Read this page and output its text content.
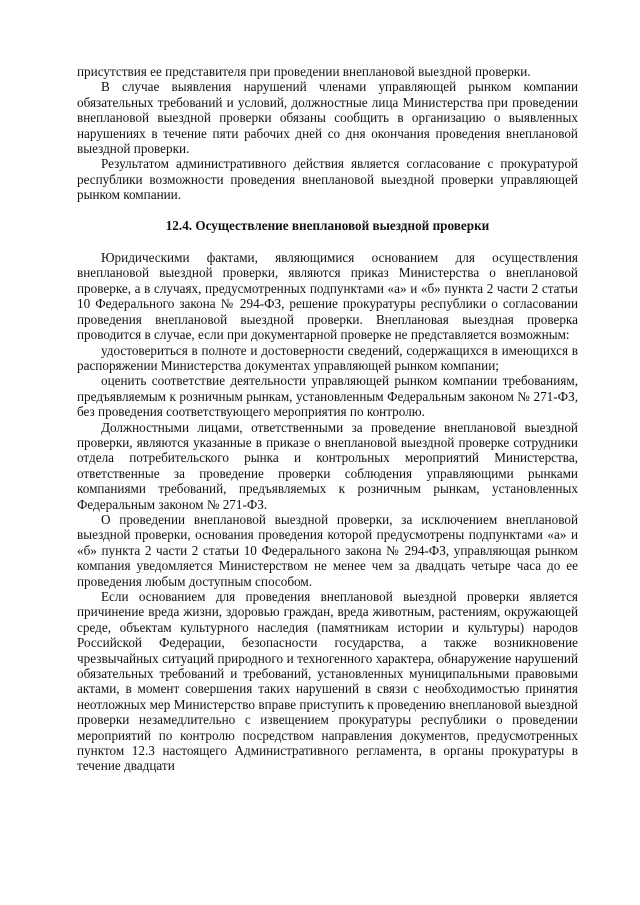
присутствия ее представителя при проведении внеплановой выездной проверки.

В случае выявления нарушений членами управляющей рынком компании обязательных требований и условий, должностные лица Министерства при проведении внеплановой выездной проверки обязаны сообщить в организацию о выявленных нарушениях в течение пяти рабочих дней со дня окончания проведения внеплановой выездной проверки.

Результатом административного действия является согласование с прокуратурой республики возможности проведения внеплановой выездной проверки управляющей рынком компании.

12.4. Осуществление внеплановой выездной проверки

Юридическими фактами, являющимися основанием для осуществления внеплановой выездной проверки, являются приказ Министерства о внеплановой проверке, а в случаях, предусмотренных подпунктами «а» и «б» пункта 2 части 2 статьи 10 Федерального закона № 294-ФЗ, решение прокуратуры республики о согласовании проведения внеплановой выездной проверки. Внеплановая выездная проверка проводится в случае, если при документарной проверке не представляется возможным:

удостовериться в полноте и достоверности сведений, содержащихся в имеющихся в распоряжении Министерства документах управляющей рынком компании;

оценить соответствие деятельности управляющей рынком компании требованиям, предъявляемым к розничным рынкам, установленным Федеральным законом № 271-ФЗ, без проведения соответствующего мероприятия по контролю.

Должностными лицами, ответственными за проведение внеплановой выездной проверки, являются указанные в приказе о внеплановой выездной проверке сотрудники отдела потребительского рынка и контрольных мероприятий Министерства, ответственные за проведение проверки соблюдения управляющими рынками компаниями требований, предъявляемых к розничным рынкам, установленных Федеральным законом № 271-ФЗ.

О проведении внеплановой выездной проверки, за исключением внеплановой выездной проверки, основания проведения которой предусмотрены подпунктами «а» и «б» пункта 2 части 2 статьи 10 Федерального закона № 294-ФЗ, управляющая рынком компания уведомляется Министерством не менее чем за двадцать четыре часа до ее проведения любым доступным способом.

Если основанием для проведения внеплановой выездной проверки является причинение вреда жизни, здоровью граждан, вреда животным, растениям, окружающей среде, объектам культурного наследия (памятникам истории и культуры) народов Российской Федерации, безопасности государства, а также возникновение чрезвычайных ситуаций природного и техногенного характера, обнаружение нарушений обязательных требований и требований, установленных муниципальными правовыми актами, в момент совершения таких нарушений в связи с необходимостью принятия неотложных мер Министерство вправе приступить к проведению внеплановой выездной проверки незамедлительно с извещением прокуратуры республики о проведении мероприятий по контролю посредством направления документов, предусмотренных пунктом 12.3 настоящего Административного регламента, в органы прокуратуры в течение двадцати
